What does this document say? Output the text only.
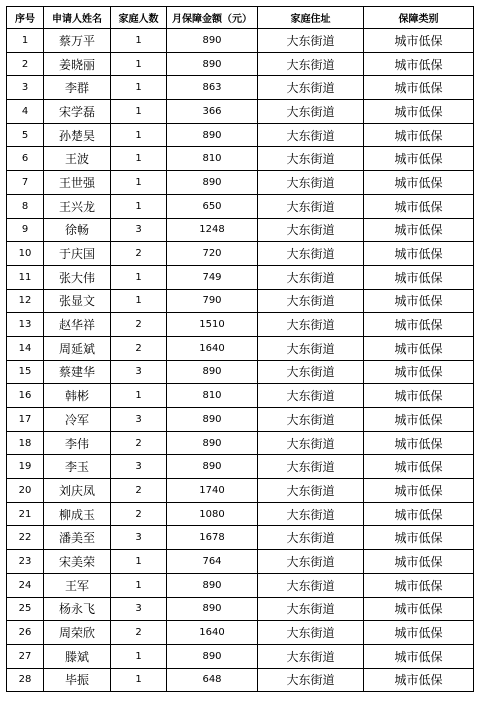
序号	申请人姓名	家庭人数	月保障金额（元）	家庭住址	保障类别
1	蔡万平	1	890	大东街道	城市低保
2	姜晓丽	1	890	大东街道	城市低保
3	李群	1	863	大东街道	城市低保
4	宋学磊	1	366	大东街道	城市低保
5	孙楚昊	1	890	大东街道	城市低保
6	王波	1	810	大东街道	城市低保
7	王世强	1	890	大东街道	城市低保
8	王兴龙	1	650	大东街道	城市低保
9	徐畅	3	1248	大东街道	城市低保
10	于庆国	2	720	大东街道	城市低保
11	张大伟	1	749	大东街道	城市低保
12	张显文	1	790	大东街道	城市低保
13	赵华祥	2	1510	大东街道	城市低保
14	周延斌	2	1640	大东街道	城市低保
15	蔡建华	3	890	大东街道	城市低保
16	韩彬	1	810	大东街道	城市低保
17	冷军	3	890	大东街道	城市低保
18	李伟	2	890	大东街道	城市低保
19	李玉	3	890	大东街道	城市低保
20	刘庆凤	2	1740	大东街道	城市低保
21	柳成玉	2	1080	大东街道	城市低保
22	潘美至	3	1678	大东街道	城市低保
23	宋美荣	1	764	大东街道	城市低保
24	王军	1	890	大东街道	城市低保
25	杨永飞	3	890	大东街道	城市低保
26	周荣欣	2	1640	大东街道	城市低保
27	滕斌	1	890	大东街道	城市低保
28	毕振	1	648	大东街道	城市低保
